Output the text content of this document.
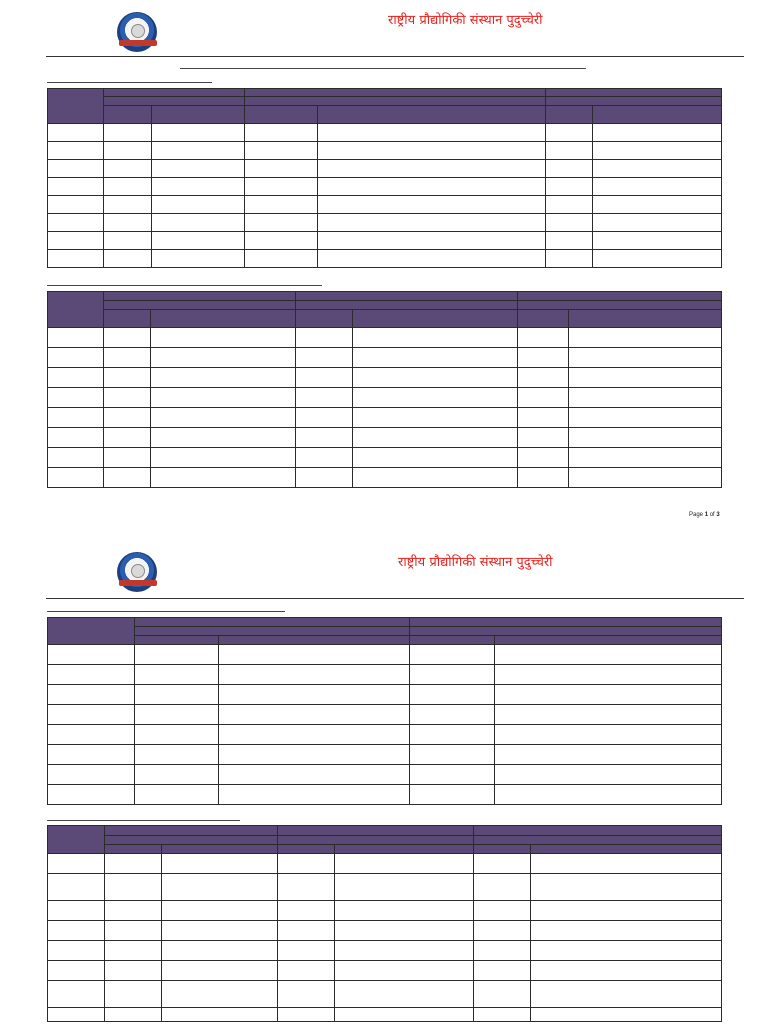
राष्ट्रीय प्रौद्योगिकी संस्थान पुदुच्चेरी

Page 1 of 3
राष्ट्रीय प्रौद्योगिकी संस्थान पुदुच्चेरी
